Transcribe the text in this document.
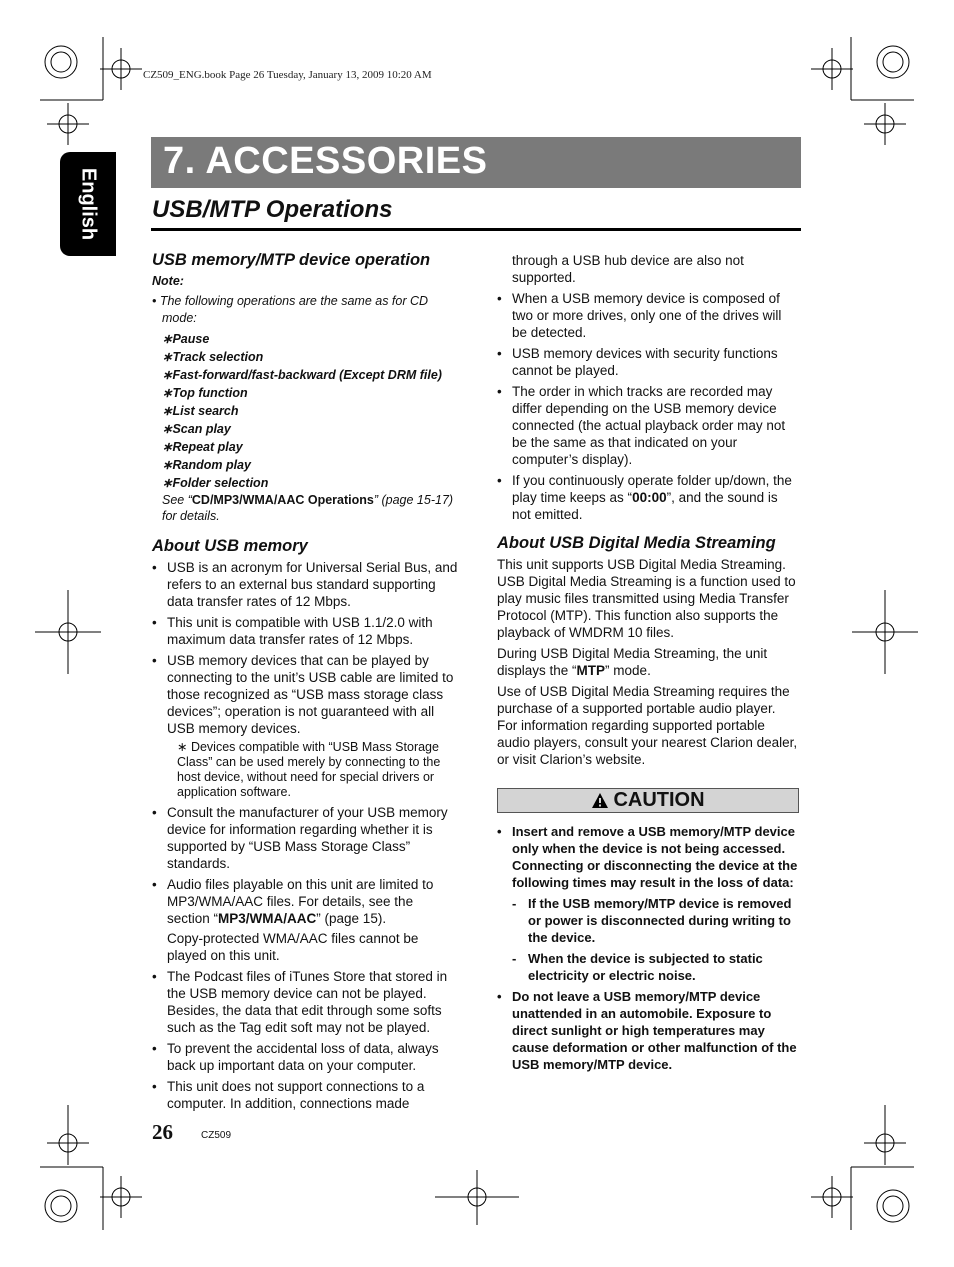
CZ509_ENG.book Page 26 Tuesday, January 13, 2009 10:20 AM
English
7. ACCESSORIES
USB/MTP Operations
USB memory/MTP device operation

Note:

• The following operations are the same as for CD mode:

∗Pause
∗Track selection
∗Fast-forward/fast-backward (Except DRM file)
∗Top function
∗List search
∗Scan play
∗Repeat play
∗Random play
∗Folder selection

See “CD/MP3/WMA/AAC Operations” (page 15-17) for details.

About USB memory
• USB is an acronym for Universal Serial Bus, and refers to an external bus standard supporting data transfer rates of 12 Mbps.
• This unit is compatible with USB 1.1/2.0 with maximum data transfer rates of 12 Mbps.
• USB memory devices that can be played by connecting to the unit’s USB cable are limited to those recognized as “USB mass storage class devices”; operation is not guaranteed with all USB memory devices.
∗ Devices compatible with “USB Mass Storage Class” can be used merely by connecting to the host device, without need for special drivers or application software.
• Consult the manufacturer of your USB memory device for information regarding whether it is supported by “USB Mass Storage Class” standards.
• Audio files playable on this unit are limited to MP3/WMA/AAC files. For details, see the section “MP3/WMA/AAC” (page 15).
Copy-protected WMA/AAC files cannot be played on this unit.
• The Podcast files of iTunes Store that stored in the USB memory device can not be played. Besides, the data that edit through some softs such as the Tag edit soft may not be played.
• To prevent the accidental loss of data, always back up important data on your computer.
• This unit does not support connections to a computer. In addition, connections made
through a USB hub device are also not supported.
• When a USB memory device is composed of two or more drives, only one of the drives will be detected.
• USB memory devices with security functions cannot be played.
• The order in which tracks are recorded may differ depending on the USB memory device connected (the actual playback order may not be the same as that indicated on your computer’s display).
• If you continuously operate folder up/down, the play time keeps as “00:00”, and the sound is not emitted.
About USB Digital Media Streaming

This unit supports USB Digital Media Streaming. USB Digital Media Streaming is a function used to play music files transmitted using Media Transfer Protocol (MTP). This function also supports the playback of WMDRM 10 files.

During USB Digital Media Streaming, the unit displays the “MTP” mode.

Use of USB Digital Media Streaming requires the purchase of a supported portable audio player. For information regarding supported portable audio players, consult your nearest Clarion dealer, or visit Clarion’s website.

CAUTION
• Insert and remove a USB memory/MTP device only when the device is not being accessed. Connecting or disconnecting the device at the following times may result in the loss of data:
- If the USB memory/MTP device is removed or power is disconnected during writing to the device.
- When the device is subjected to static electricity or electric noise.
• Do not leave a USB memory/MTP device unattended in an automobile. Exposure to direct sunlight or high temperatures may cause deformation or other malfunction of the USB memory/MTP device.
26	CZ509
